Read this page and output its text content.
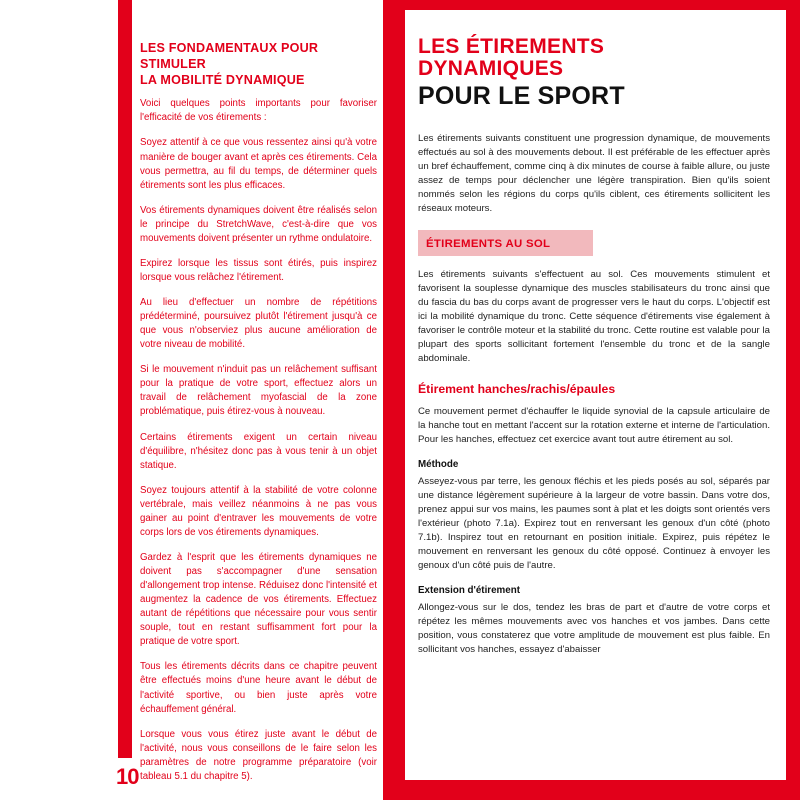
LES FONDAMENTAUX POUR STIMULER
LA MOBILITÉ DYNAMIQUE

Voici quelques points importants pour favoriser l'efficacité de vos étirements :

Soyez attentif à ce que vous ressentez ainsi qu'à votre manière de bouger avant et après ces étirements. Cela vous permettra, au fil du temps, de déterminer quels étirements sont les plus efficaces.

Vos étirements dynamiques doivent être réalisés selon le principe du StretchWave, c'est-à-dire que vos mouvements doivent présenter un rythme ondulatoire.

Expirez lorsque les tissus sont étirés, puis inspirez lorsque vous relâchez l'étirement.

Au lieu d'effectuer un nombre de répétitions prédéterminé, poursuivez plutôt l'étirement jusqu'à ce que vous n'observiez plus aucune amélioration de votre niveau de mobilité.

Si le mouvement n'induit pas un relâchement suffisant pour la pratique de votre sport, effectuez alors un travail de relâchement myofascial de la zone problématique, puis étirez-vous à nouveau.

Certains étirements exigent un certain niveau d'équilibre, n'hésitez donc pas à vous tenir à un objet statique.

Soyez toujours attentif à la stabilité de votre colonne vertébrale, mais veillez néanmoins à ne pas vous gainer au point d'entraver les mouvements de votre corps lors de vos étirements dynamiques.

Gardez à l'esprit que les étirements dynamiques ne doivent pas s'accompagner d'une sensation d'allongement trop intense. Réduisez donc l'intensité et augmentez la cadence de vos étirements. Effectuez autant de répétitions que nécessaire pour vous sentir souple, tout en restant suffisamment fort pour la pratique de votre sport.

Tous les étirements décrits dans ce chapitre peuvent être effectués moins d'une heure avant le début de l'activité sportive, ou bien juste après votre échauffement général.

Lorsque vous vous étirez juste avant le début de l'activité, nous vous conseillons de le faire selon les paramètres de notre programme préparatoire (voir tableau 5.1 du chapitre 5).

10
LES ÉTIREMENTS
DYNAMIQUES
POUR LE SPORT

Les étirements suivants constituent une progression dynamique, de mouvements effectués au sol à des mouvements debout. Il est préférable de les effectuer après un bref échauffement, comme cinq à dix minutes de course à faible allure, ou juste assez de temps pour déclencher une légère transpiration. Bien qu'ils soient nommés selon les régions du corps qu'ils ciblent, ces étirements sollicitent les réseaux moteurs.

ÉTIREMENTS AU SOL

Les étirements suivants s'effectuent au sol. Ces mouvements stimulent et favorisent la souplesse dynamique des muscles stabilisateurs du tronc ainsi que du fascia du bas du corps avant de progresser vers le haut du corps. L'objectif est ici la mobilité dynamique du tronc. Cette séquence d'étirements vise également à favoriser le contrôle moteur et la stabilité du tronc. Cette routine est valable pour la plupart des sports sollicitant fortement l'ensemble du tronc et de la sangle abdominale.

Étirement hanches/rachis/épaules

Ce mouvement permet d'échauffer le liquide synovial de la capsule articulaire de la hanche tout en mettant l'accent sur la rotation externe et interne de l'articulation. Pour les hanches, effectuez cet exercice avant tout autre étirement au sol.

Méthode

Asseyez-vous par terre, les genoux fléchis et les pieds posés au sol, séparés par une distance légèrement supérieure à la largeur de votre bassin. Dans votre dos, prenez appui sur vos mains, les paumes sont à plat et les doigts sont orientés vers l'extérieur (photo 7.1a). Expirez tout en renversant les genoux d'un côté (photo 7.1b). Inspirez tout en retournant en position initiale. Expirez, puis répétez le mouvement en renversant les genoux du côté opposé. Continuez à envoyer les genoux d'un côté puis de l'autre.

Extension d'étirement

Allongez-vous sur le dos, tendez les bras de part et d'autre de votre corps et répétez les mêmes mouvements avec vos hanches et vos jambes. Dans cette position, vous constaterez que votre amplitude de mouvement est plus faible. En sollicitant vos hanches, essayez d'abaisser
